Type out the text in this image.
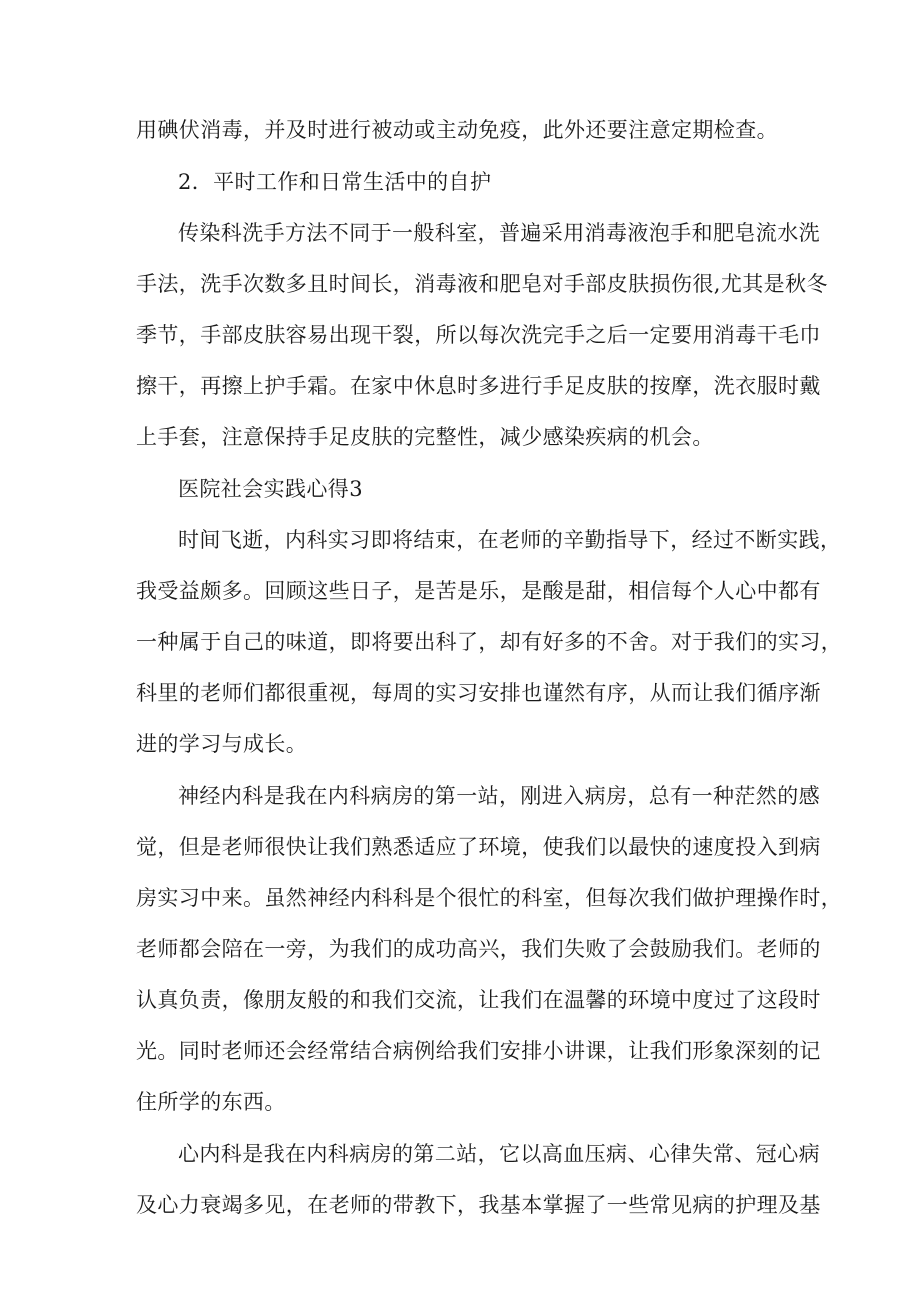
用碘伏消毒，并及时进行被动或主动免疫，此外还要注意定期检查。
2．平时工作和日常生活中的自护
传染科洗手方法不同于一般科室，普遍采用消毒液泡手和肥皂流水洗
手法，洗手次数多且时间长，消毒液和肥皂对手部皮肤损伤很,尤其是秋冬
季节，手部皮肤容易出现干裂，所以每次洗完手之后一定要用消毒干毛巾
擦干，再擦上护手霜。在家中休息时多进行手足皮肤的按摩，洗衣服时戴
上手套，注意保持手足皮肤的完整性，减少感染疾病的机会。
医院社会实践心得3
时间飞逝，内科实习即将结束，在老师的辛勤指导下，经过不断实践，
我受益颇多。回顾这些日子，是苦是乐，是酸是甜，相信每个人心中都有
一种属于自己的味道，即将要出科了，却有好多的不舍。对于我们的实习，
科里的老师们都很重视，每周的实习安排也谨然有序，从而让我们循序渐
进的学习与成长。
神经内科是我在内科病房的第一站，刚进入病房，总有一种茫然的感
觉，但是老师很快让我们熟悉适应了环境，使我们以最快的速度投入到病
房实习中来。虽然神经内科科是个很忙的科室，但每次我们做护理操作时，
老师都会陪在一旁，为我们的成功高兴，我们失败了会鼓励我们。老师的
认真负责，像朋友般的和我们交流，让我们在温馨的环境中度过了这段时
光。同时老师还会经常结合病例给我们安排小讲课，让我们形象深刻的记
住所学的东西。
心内科是我在内科病房的第二站，它以高血压病、心律失常、冠心病
及心力衰竭多见，在老师的带教下，我基本掌握了一些常见病的护理及基
